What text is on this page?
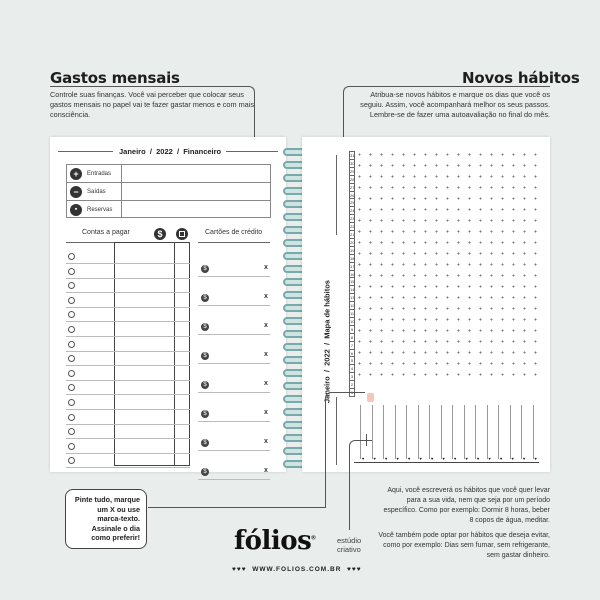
Gastos mensais
Controle suas finanças. Você vai perceber que colocar seus gastos mensais no papel vai te fazer gastar menos e com mais consciência.
Novos hábitos
Atribua-se novos hábitos e marque os dias que você os seguiu. Assim, você acompanhará melhor os seus passos. Lembre-se de fazer uma autoavaliação no final do mês.
Janeiro  /  2022  /  Financeiro
+	Entradas
−	Saídas
▪	Reservas
Contas a pagar	$	Cartões de crédito
$	x
$	x
$	x
$	x
$	x
$	x
$	x
$	x
Janeiro  /  2022  /  Mapa de hábitos
31
30
29
28
27
26
25
24
23
22
21
20
19
18
17
16
15
14
13
12
11
10
9
8
7
6
5
4
3
2
1
♥ ♥ ♥ ♥ ♥ ♥ ♥ ♥ ♥ ♥ ♥ ♥ ♥ ♥ ♥ ♥
Pinte tudo, marque um X ou use marca-texto. Assinale o dia como preferir!
Aqui, você escreverá os hábitos que você quer levar para a sua vida, nem que seja por um período específico. Como por exemplo: Dormir 8 horas, beber 8 copos de água, meditar.
Você também pode optar por hábitos que deseja evitar, como por exemplo: Dias sem fumar, sem refrigerante, sem gastar dinheiro.
fólios®	estúdio
criativo
♥♥♥  WWW.FOLIOS.COM.BR  ♥♥♥
